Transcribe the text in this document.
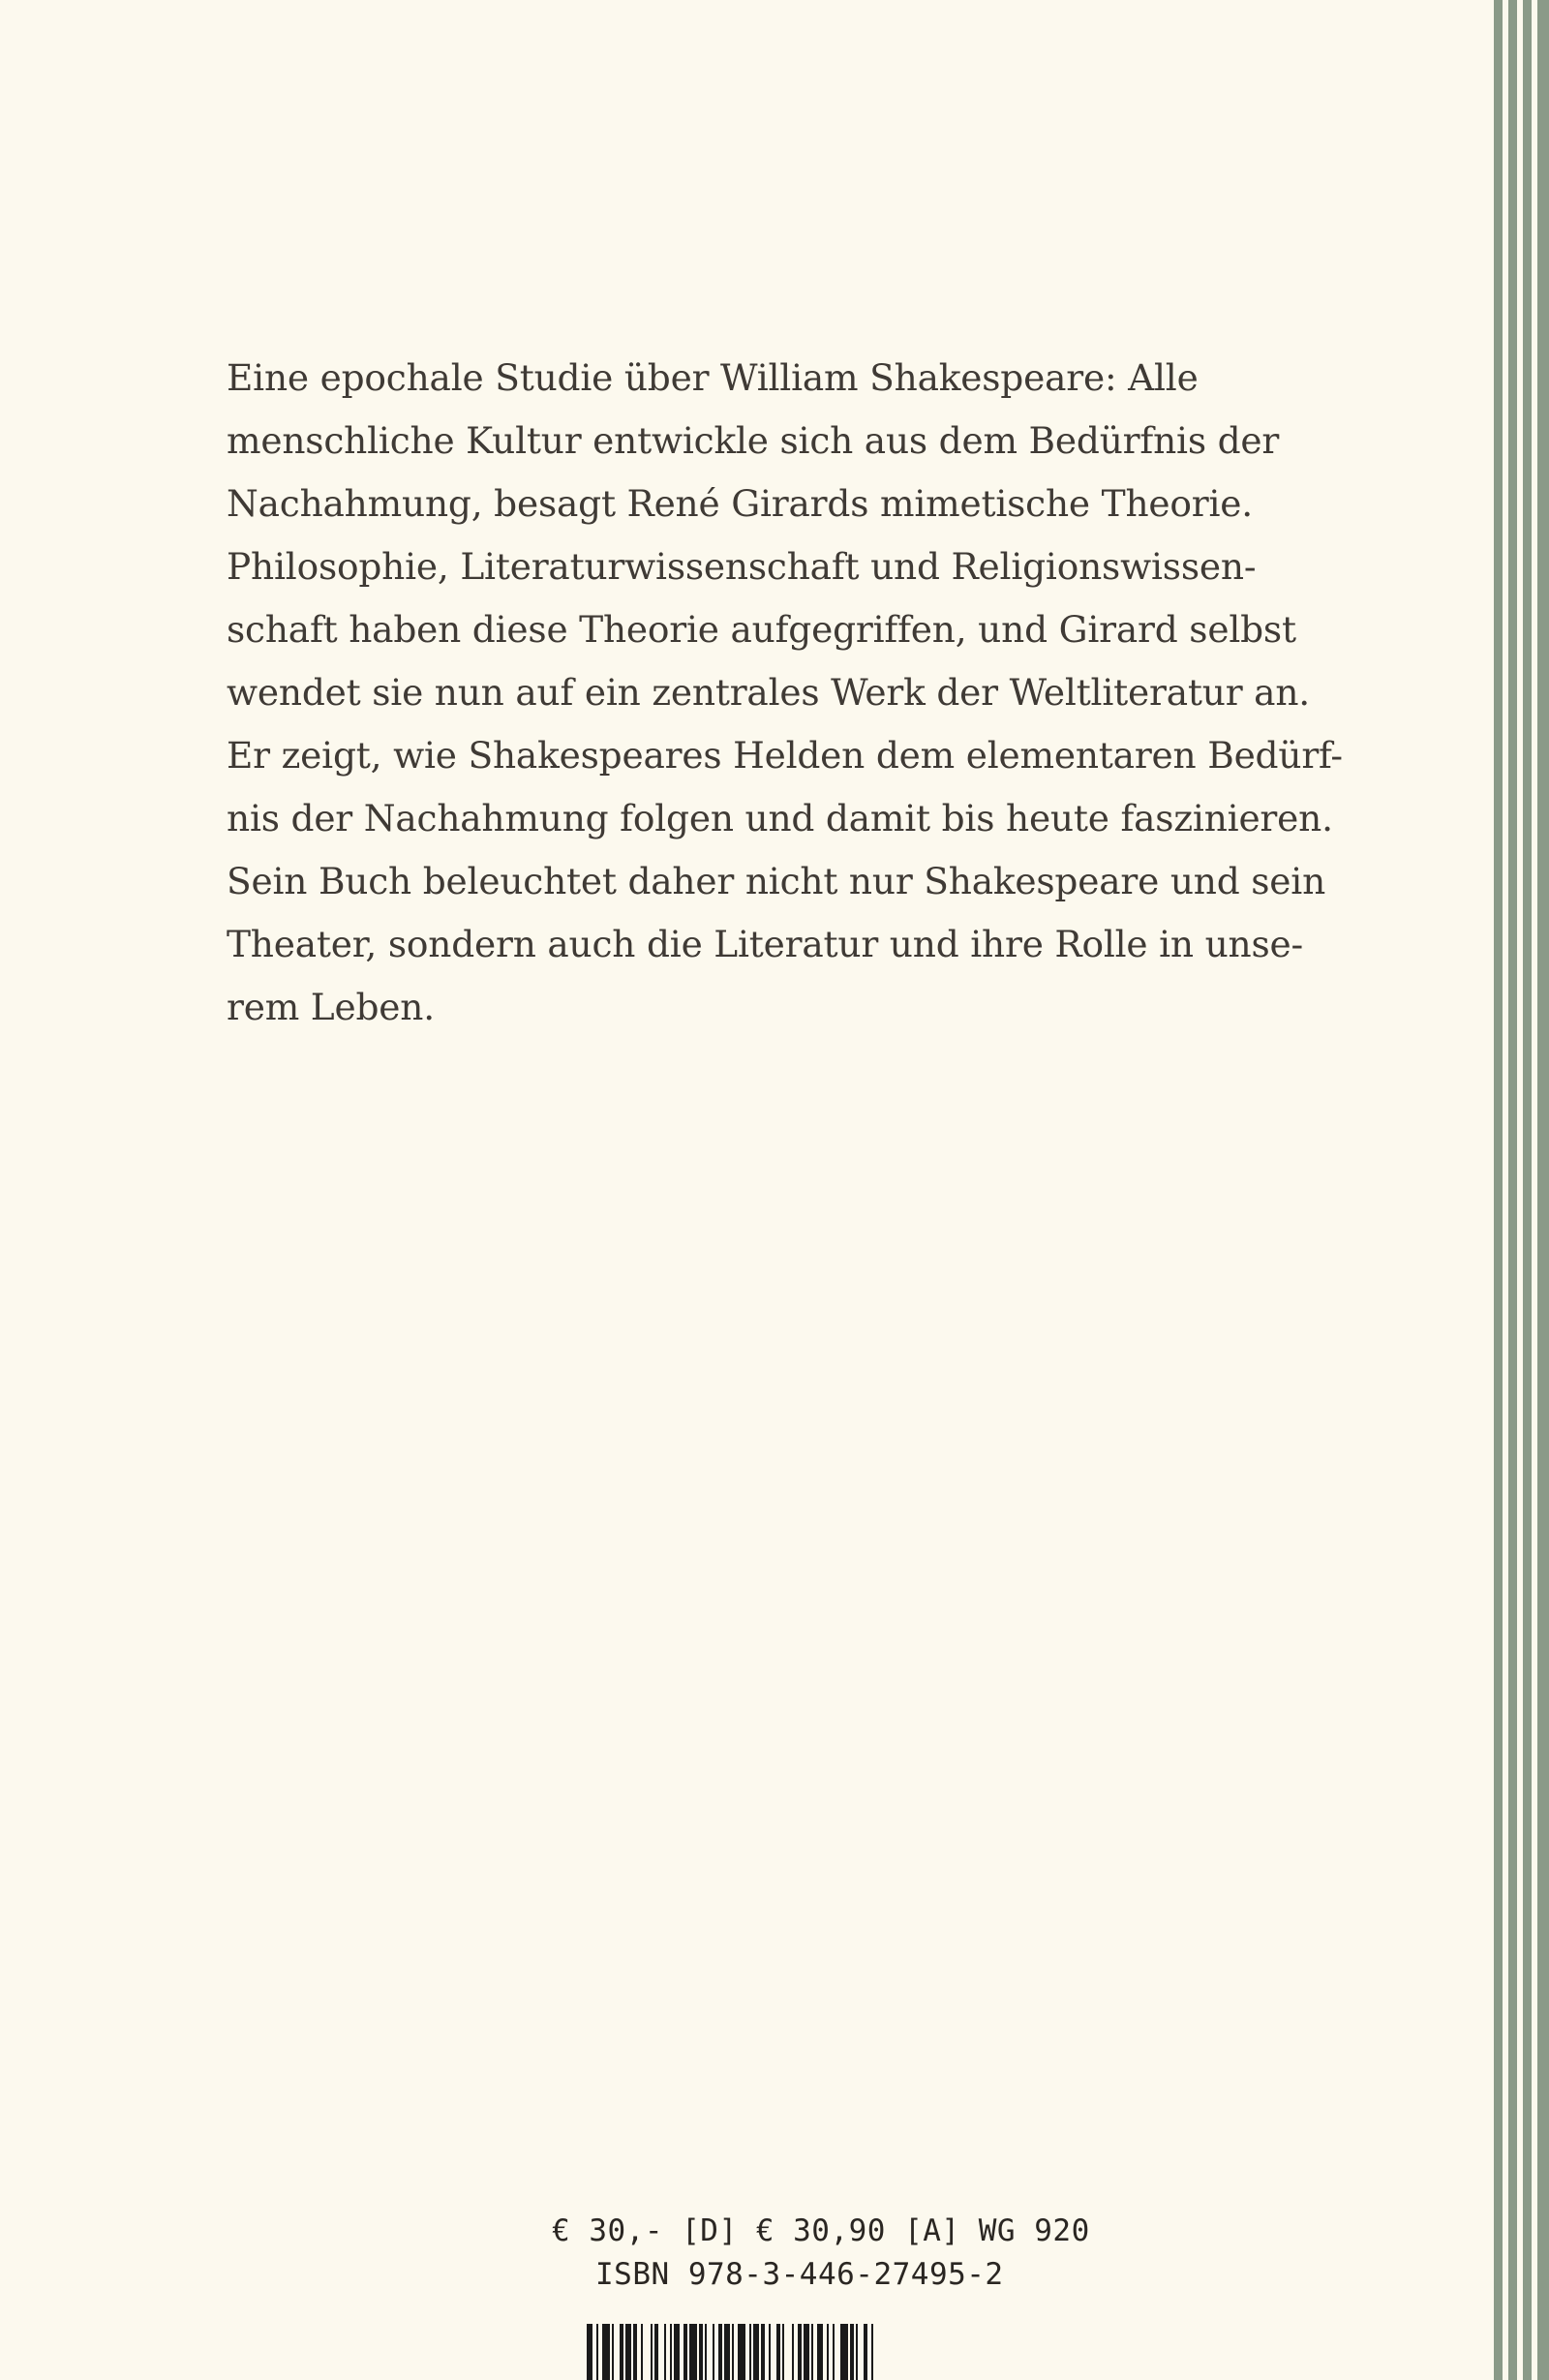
Eine epochale Studie über William Shakespeare: Alle
menschliche Kultur entwickle sich aus dem Bedürfnis der
Nachahmung, besagt René Girards mimetische Theorie.
Philosophie, Literaturwissenschaft und Religionswissen-
schaft haben diese Theorie aufgegriffen, und Girard selbst
wendet sie nun auf ein zentrales Werk der Weltliteratur an.
Er zeigt, wie Shakespeares Helden dem elementaren Bedürf-
nis der Nachahmung folgen und damit bis heute faszinieren.
Sein Buch beleuchtet daher nicht nur Shakespeare und sein
Theater, sondern auch die Literatur und ihre Rolle in unse-
rem Leben.
€ 30,- [D] € 30,90 [A] WG 920
ISBN 978-3-446-27495-2
